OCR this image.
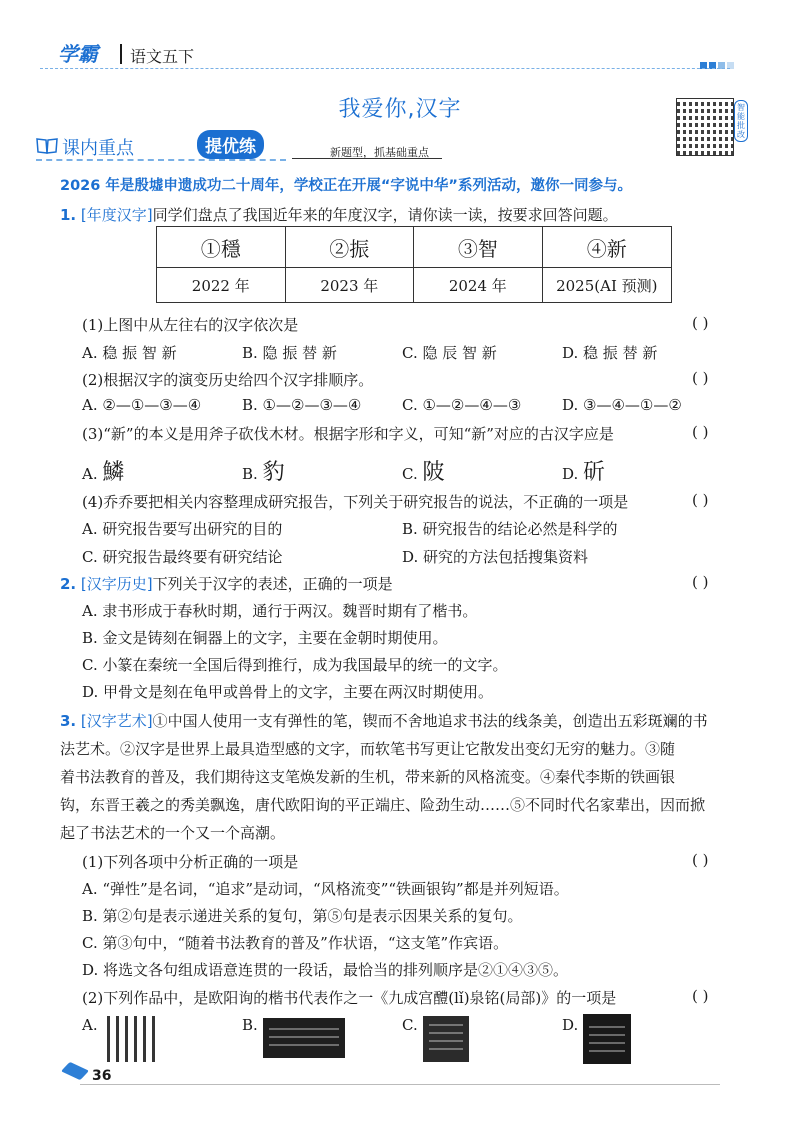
学霸 语文五下
我爱你,汉字	智能批改
课内重点	提优练	新题型，抓基础重点
2026 年是殷墟申遗成功二十周年，学校正在开展“字说中华”系列活动，邀你一同参与。
1. [年度汉字]同学们盘点了我国近年来的年度汉字，请你读一读，按要求回答问题。
①穩	②振	③智	④新
2022 年	2023 年	2024 年	2025(AI 预测)
(1)上图中从左往右的汉字依次是	( )
A. 稳 振 智 新	B. 隐 振 替 新	C. 隐 辰 智 新	D. 稳 振 替 新
(2)根据汉字的演变历史给四个汉字排顺序。	( )
A. ②—①—③—④	B. ①—②—③—④	C. ①—②—④—③	D. ③—④—①—②
(3)“新”的本义是用斧子砍伐木材。根据字形和字义，可知“新”对应的古汉字应是	( )
A. 鱗	B. 豹	C. 陂	D. 斫
(4)乔乔要把相关内容整理成研究报告，下列关于研究报告的说法，不正确的一项是	( )
A. 研究报告要写出研究的目的	B. 研究报告的结论必然是科学的
C. 研究报告最终要有研究结论	D. 研究的方法包括搜集资料
2. [汉字历史]下列关于汉字的表述，正确的一项是	( )
A. 隶书形成于春秋时期，通行于两汉。魏晋时期有了楷书。
B. 金文是铸刻在铜器上的文字，主要在金朝时期使用。
C. 小篆在秦统一全国后得到推行，成为我国最早的统一的文字。
D. 甲骨文是刻在龟甲或兽骨上的文字，主要在两汉时期使用。
3. [汉字艺术]①中国人使用一支有弹性的笔，锲而不舍地追求书法的线条美，创造出五彩斑斓的书
法艺术。②汉字是世界上最具造型感的文字，而软笔书写更让它散发出变幻无穷的魅力。③随
着书法教育的普及，我们期待这支笔焕发新的生机，带来新的风格流变。④秦代李斯的铁画银
钩，东晋王羲之的秀美飘逸，唐代欧阳询的平正端庄、险劲生动……⑤不同时代名家辈出，因而掀
起了书法艺术的一个又一个高潮。
(1)下列各项中分析正确的一项是	( )
A. “弹性”是名词，“追求”是动词，“风格流变”“铁画银钩”都是并列短语。
B. 第②句是表示递进关系的复句，第⑤句是表示因果关系的复句。
C. 第③句中，“随着书法教育的普及”作状语，“这支笔”作宾语。
D. 将选文各句组成语意连贯的一段话，最恰当的排列顺序是②①④③⑤。
(2)下列作品中，是欧阳询的楷书代表作之一《九成宫醴(lǐ)泉铭(局部)》的一项是	( )
A.	B.	C.	D.
36
